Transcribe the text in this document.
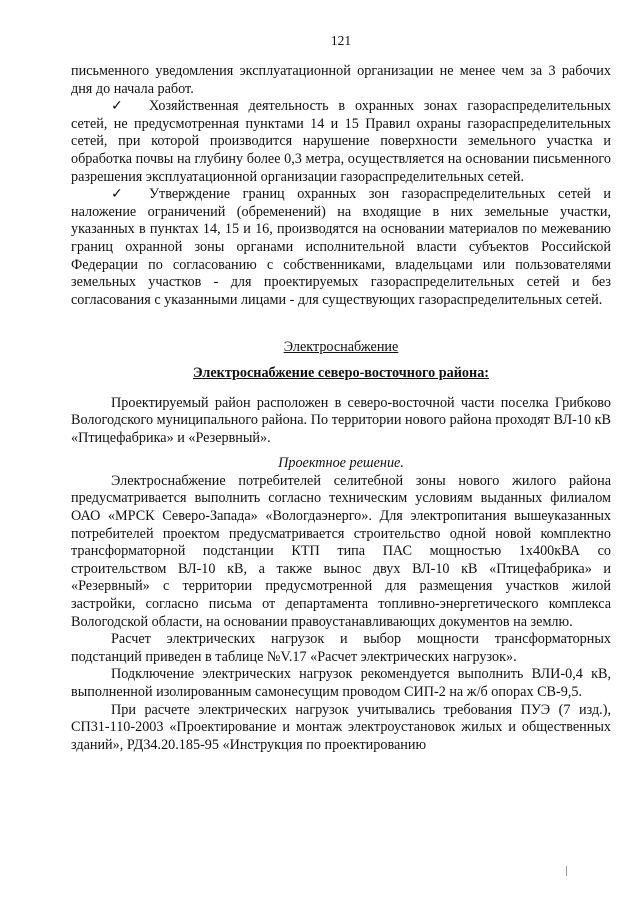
121

письменного уведомления эксплуатационной организации не менее чем за 3 рабочих дня до начала работ.

✓ Хозяйственная деятельность в охранных зонах газораспределительных сетей, не предусмотренная пунктами 14 и 15 Правил охраны газораспределительных сетей, при которой производится нарушение поверхности земельного участка и обработка почвы на глубину более 0,3 метра, осуществляется на основании письменного разрешения эксплуатационной организации газораспределительных сетей.

✓ Утверждение границ охранных зон газораспределительных сетей и наложение ограничений (обременений) на входящие в них земельные участки, указанных в пунктах 14, 15 и 16, производятся на основании материалов по межеванию границ охранной зоны органами исполнительной власти субъектов Российской Федерации по согласованию с собственниками, владельцами или пользователями земельных участков - для проектируемых газораспределительных сетей и без согласования с указанными лицами - для существующих газораспределительных сетей.

Электроснабжение

Электроснабжение северо-восточного района:

Проектируемый район расположен в северо-восточной части поселка Грибково Вологодского муниципального района. По территории нового района проходят ВЛ-10 кВ «Птицефабрика» и «Резервный».

Проектное решение.

Электроснабжение потребителей селитебной зоны нового жилого района предусматривается выполнить согласно техническим условиям выданных филиалом ОАО «МРСК Северо-Запада» «Вологдаэнерго». Для электропитания вышеуказанных потребителей проектом предусматривается строительство одной новой комплектно трансформаторной подстанции КТП типа ПАС мощностью 1х400кВА со строительством ВЛ-10 кВ, а также вынос двух ВЛ-10 кВ «Птицефабрика» и «Резервный» с территории предусмотренной для размещения участков жилой застройки, согласно письма от департамента топливно-энергетического комплекса Вологодской области, на основании правоустанавливающих документов на землю.

Расчет электрических нагрузок и выбор мощности трансформаторных подстанций приведен в таблице №V.17 «Расчет электрических нагрузок».

Подключение электрических нагрузок рекомендуется выполнить ВЛИ-0,4 кВ, выполненной изолированным самонесущим проводом СИП-2 на ж/б опорах СВ-9,5.

При расчете электрических нагрузок учитывались требования ПУЭ (7 изд.), СП31-110-2003 «Проектирование и монтаж электроустановок жилых и общественных зданий», РД34.20.185-95 «Инструкция по проектированию
